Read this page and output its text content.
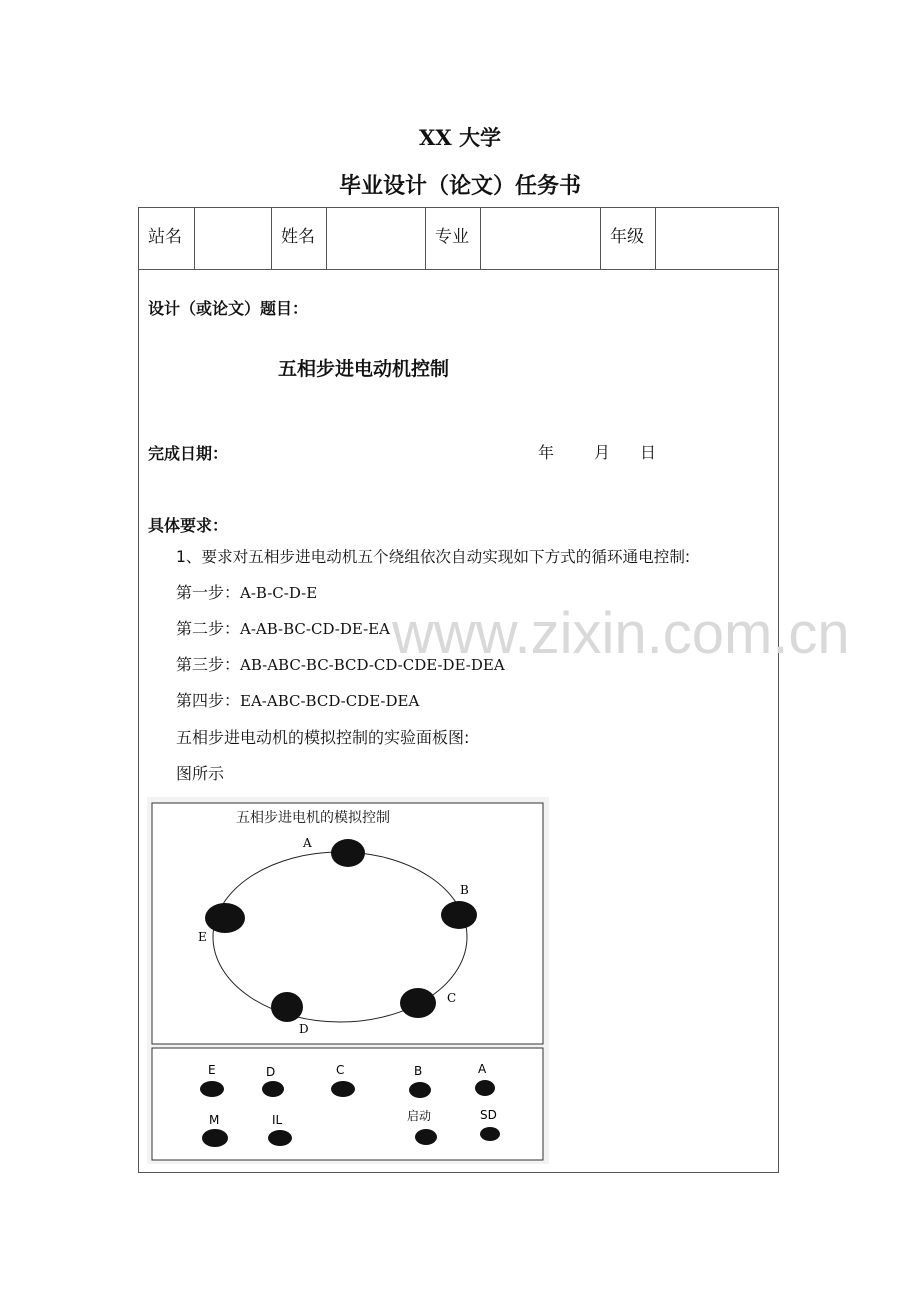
XX 大学
毕业设计（论文）任务书
站名	姓名	专业	年级
设计（或论文）题目：
五相步进电动机控制
完成日期：	年 月 日
具体要求：
1、要求对五相步进电动机五个绕组依次自动实现如下方式的循环通电控制:
第一步：A-B-C-D-E
第二步：A-AB-BC-CD-DE-EA
第三步：AB-ABC-BC-BCD-CD-CDE-DE-DEA
第四步：EA-ABC-BCD-CDE-DEA
五相步进电动机的模拟控制的实验面板图:
图所示
www.zixin.com.cn
五相步进电机的模拟控制
A
B
C
D
E
E	D	C	B	A
M	IL	启动	SD
